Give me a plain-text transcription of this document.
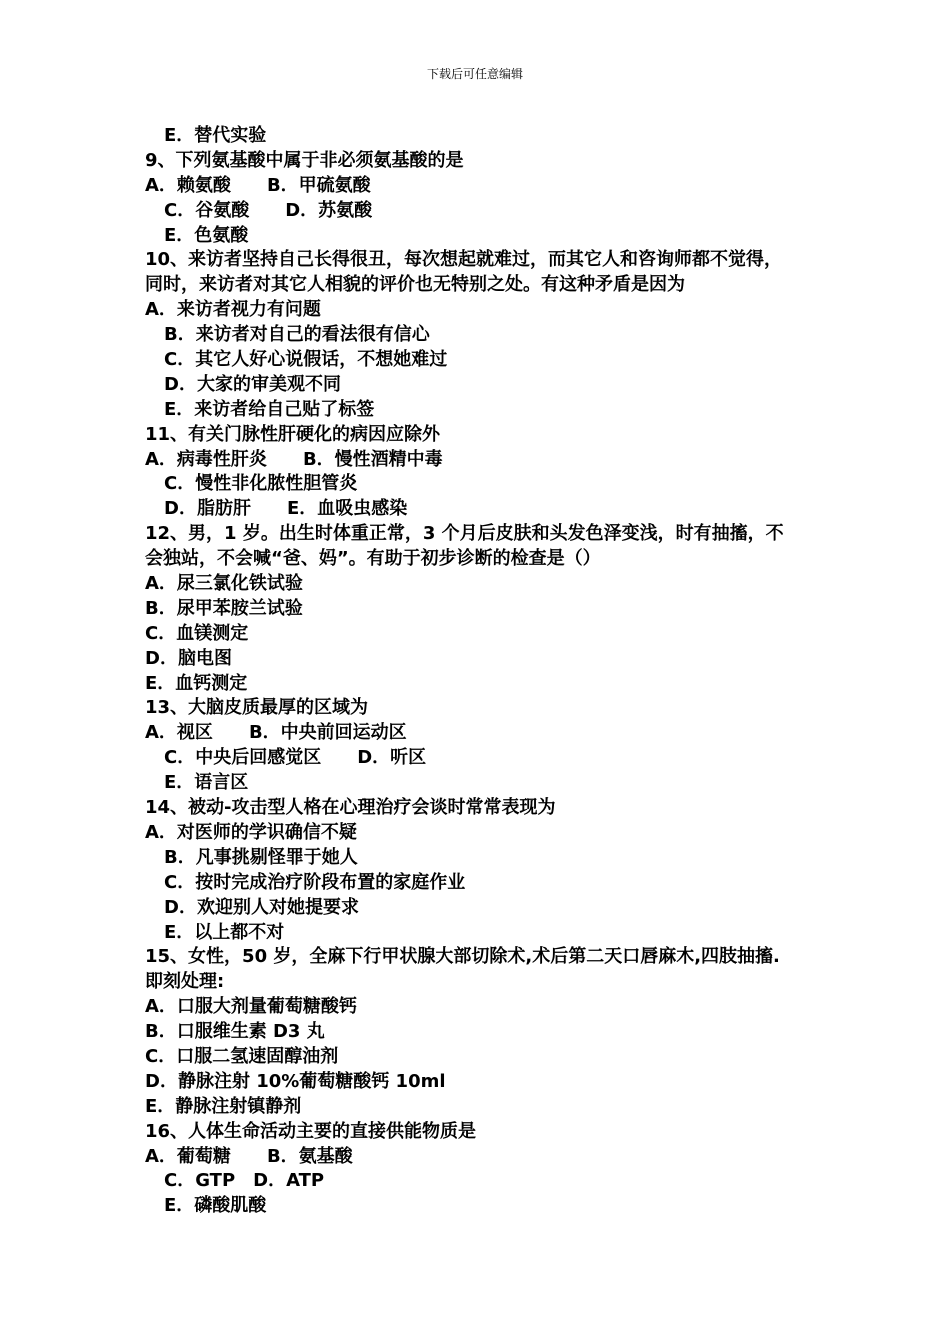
下载后可任意编辑
E．替代实验
9、下列氨基酸中属于非必须氨基酸的是
A．赖氨酸 B．甲硫氨酸
C．谷氨酸 D．苏氨酸
E．色氨酸
10、来访者坚持自己长得很丑，每次想起就难过，而其它人和咨询师都不觉得，
同时，来访者对其它人相貌的评价也无特别之处。有这种矛盾是因为
A．来访者视力有问题
B．来访者对自己的看法很有信心
C．其它人好心说假话，不想她难过
D．大家的审美观不同
E．来访者给自己贴了标签
11、有关门脉性肝硬化的病因应除外
A．病毒性肝炎 B．慢性酒精中毒
C．慢性非化脓性胆管炎
D．脂肪肝 E．血吸虫感染
12、男，1 岁。出生时体重正常，3 个月后皮肤和头发色泽变浅，时有抽搐，不
会独站，不会喊“爸、妈”。有助于初步诊断的检查是（）
A．尿三氯化铁试验
B．尿甲苯胺兰试验
C．血镁测定
D．脑电图
E．血钙测定
13、大脑皮质最厚的区域为
A．视区 B．中央前回运动区
C．中央后回感觉区 D．听区
E．语言区
14、被动-攻击型人格在心理治疗会谈时常常表现为
A．对医师的学识确信不疑
B．凡事挑剔怪罪于她人
C．按时完成治疗阶段布置的家庭作业
D．欢迎别人对她提要求
E．以上都不对
15、女性，50 岁，全麻下行甲状腺大部切除术,术后第二天口唇麻木,四肢抽搐.
即刻处理:
A．口服大剂量葡萄糖酸钙
B．口服维生素 D3 丸
C．口服二氢速固醇油剂
D．静脉注射 10%葡萄糖酸钙 10ml
E．静脉注射镇静剂
16、人体生命活动主要的直接供能物质是
A．葡萄糖 B．氨基酸
C．GTP D．ATP
E．磷酸肌酸
